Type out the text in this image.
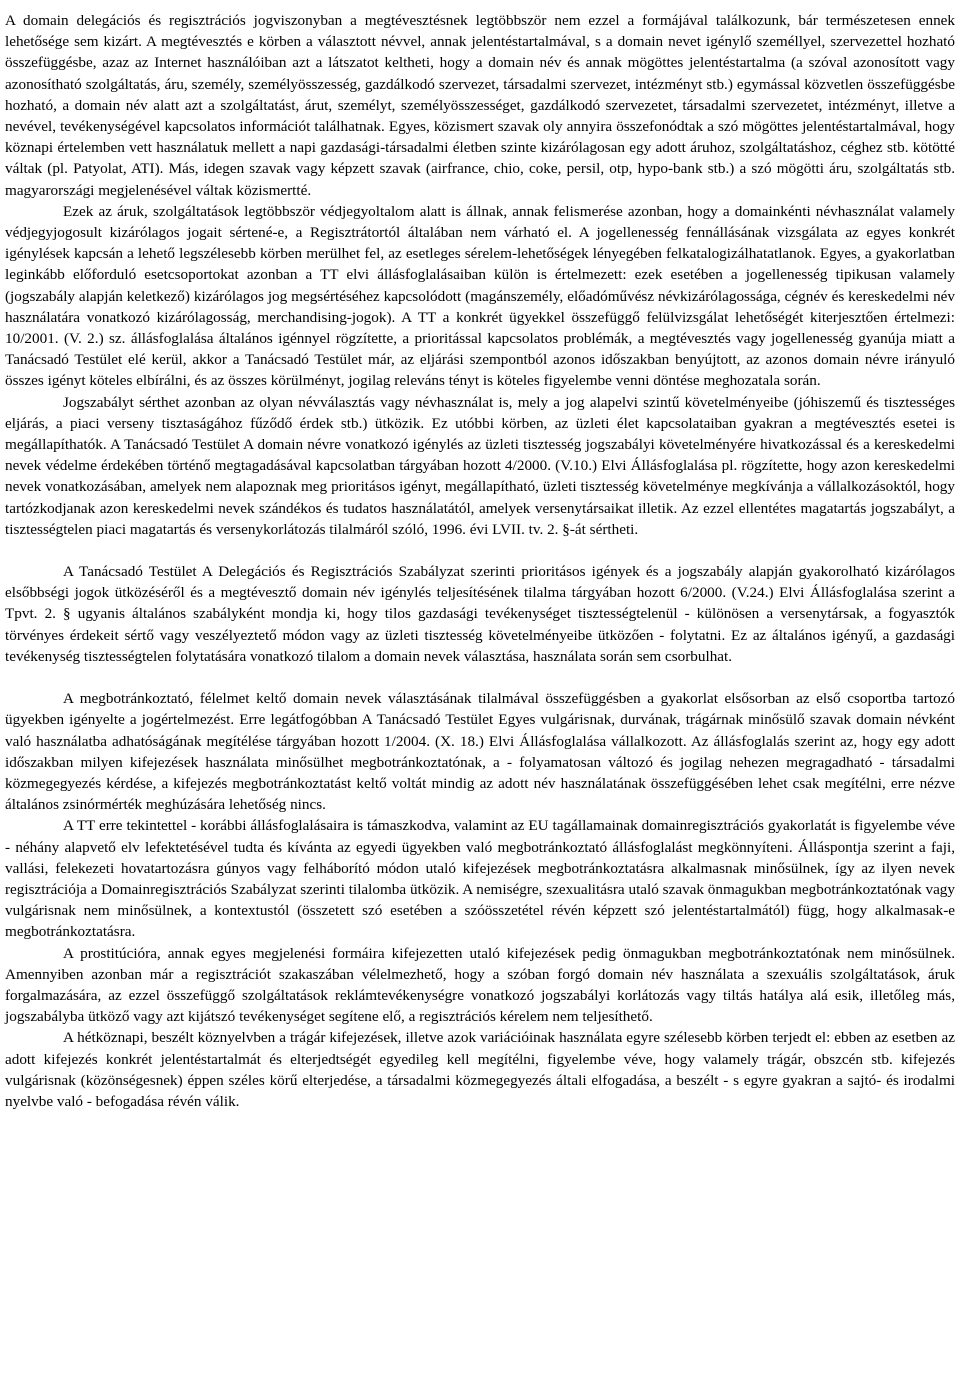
A domain delegációs és regisztrációs jogviszonyban a megtévesztésnek legtöbbször nem ezzel a formájával találkozunk, bár természetesen ennek lehetősége sem kizárt. A megtévesztés e körben a választott névvel, annak jelentéstartalmával, s a domain nevet igénylő személlyel, szervezettel hozható összefüggésbe, azaz az Internet használóiban azt a látszatot keltheti, hogy a domain név és annak mögöttes jelentéstartalma (a szóval azonosított vagy azonosítható szolgáltatás, áru, személy, személyösszesség, gazdálkodó szervezet, társadalmi szervezet, intézményt stb.) egymással közvetlen összefüggésbe hozható, a domain név alatt azt a szolgáltatást, árut, személyt, személyösszességet, gazdálkodó szervezetet, társadalmi szervezetet, intézményt, illetve a nevével, tevékenységével kapcsolatos információt találhatnak. Egyes, közismert szavak oly annyira összefonódtak a szó mögöttes jelentéstartalmával, hogy köznapi értelemben vett használatuk mellett a napi gazdasági-társadalmi életben szinte kizárólagosan egy adott áruhoz, szolgáltatáshoz, céghez stb. kötötté váltak (pl. Patyolat, ATI). Más, idegen szavak vagy képzett szavak (airfrance, chio, coke, persil, otp, hypo-bank stb.) a szó mögötti áru, szolgáltatás stb. magyarországi megjelenésével váltak közismertté.

Ezek az áruk, szolgáltatások legtöbbször védjegyoltalom alatt is állnak, annak felismerése azonban, hogy a domainkénti névhasználat valamely védjegyjogosult kizárólagos jogait sértené-e, a Regisztrátortól általában nem várható el. A jogellenesség fennállásának vizsgálata az egyes konkrét igénylések kapcsán a lehető legszélesebb körben merülhet fel, az esetleges sérelem-lehetőségek lényegében felkatalogizálhatatlanok. Egyes, a gyakorlatban leginkább előforduló esetcsoportokat azonban a TT elvi állásfoglalásaiban külön is értelmezett: ezek esetében a jogellenesség tipikusan valamely (jogszabály alapján keletkező) kizárólagos jog megsértéséhez kapcsolódott (magánszemély, előadóművész névkizárólagossága, cégnév és kereskedelmi név használatára vonatkozó kizárólagosság, merchandising-jogok). A TT a konkrét ügyekkel összefüggő felülvizsgálat lehetőségét kiterjesztően értelmezi: 10/2001. (V. 2.) sz. állásfoglalása általános igénnyel rögzítette, a prioritással kapcsolatos problémák, a megtévesztés vagy jogellenesség gyanúja miatt a Tanácsadó Testület elé kerül, akkor a Tanácsadó Testület már, az eljárási szempontból azonos időszakban benyújtott, az azonos domain névre irányuló összes igényt köteles elbírálni, és az összes körülményt, jogilag releváns tényt is köteles figyelembe venni döntése meghozatala során.

Jogszabályt sérthet azonban az olyan névválasztás vagy névhasználat is, mely a jog alapelvi szintű követelményeibe (jóhiszemű és tisztességes eljárás, a piaci verseny tisztaságához fűződő érdek stb.) ütközik. Ez utóbbi körben, az üzleti élet kapcsolataiban gyakran a megtévesztés esetei is megállapíthatók. A Tanácsadó Testület A domain névre vonatkozó igénylés az üzleti tisztesség jogszabályi követelményére hivatkozással és a kereskedelmi nevek védelme érdekében történő megtagadásával kapcsolatban tárgyában hozott 4/2000. (V.10.) Elvi Állásfoglalása pl. rögzítette, hogy azon kereskedelmi nevek vonatkozásában, amelyek nem alapoznak meg prioritásos igényt, megállapítható, üzleti tisztesség követelménye megkívánja a vállalkozásoktól, hogy tartózkodjanak azon kereskedelmi nevek szándékos és tudatos használatától, amelyek versenytársaikat illetik. Az ezzel ellentétes magatartás jogszabályt, a tisztességtelen piaci magatartás és versenykorlátozás tilalmáról szóló, 1996. évi LVII. tv. 2. §-át sértheti.

A Tanácsadó Testület A Delegációs és Regisztrációs Szabályzat szerinti prioritásos igények és a jogszabály alapján gyakorolható kizárólagos elsőbbségi jogok ütközéséről és a megtévesztő domain név igénylés teljesítésének tilalma tárgyában hozott 6/2000. (V.24.) Elvi Állásfoglalása szerint a Tpvt. 2. § ugyanis általános szabályként mondja ki, hogy tilos gazdasági tevékenységet tisztességtelenül - különösen a versenytársak, a fogyasztók törvényes érdekeit sértő vagy veszélyeztető módon vagy az üzleti tisztesség követelményeibe ütközően - folytatni. Ez az általános igényű, a gazdasági tevékenység tisztességtelen folytatására vonatkozó tilalom a domain nevek választása, használata során sem csorbulhat.

A megbotránkoztató, félelmet keltő domain nevek választásának tilalmával összefüggésben a gyakorlat elsősorban az első csoportba tartozó ügyekben igényelte a jogértelmezést. Erre legátfogóbban A Tanácsadó Testület Egyes vulgárisnak, durvának, trágárnak minősülő szavak domain névként való használatba adhatóságának megítélése tárgyában hozott 1/2004. (X. 18.) Elvi Állásfoglalása vállalkozott. Az állásfoglalás szerint az, hogy egy adott időszakban milyen kifejezések használata minősülhet megbotránkoztatónak, a - folyamatosan változó és jogilag nehezen megragadható - társadalmi közmegegyezés kérdése, a kifejezés megbotránkoztatást keltő voltát mindig az adott név használatának összefüggésében lehet csak megítélni, erre nézve általános zsinórmérték meghúzására lehetőség nincs.

A TT erre tekintettel - korábbi állásfoglalásaira is támaszkodva, valamint az EU tagállamainak domainregisztrációs gyakorlatát is figyelembe véve - néhány alapvető elv lefektetésével tudta és kívánta az egyedi ügyekben való megbotránkoztató állásfoglalást megkönnyíteni. Álláspontja szerint a faji, vallási, felekezeti hovatartozásra gúnyos vagy felháborító módon utaló kifejezések megbotránkoztatásra alkalmasnak minősülnek, így az ilyen nevek regisztrációja a Domainregisztrációs Szabályzat szerinti tilalomba ütközik. A nemiségre, szexualitásra utaló szavak önmagukban megbotránkoztatónak vagy vulgárisnak nem minősülnek, a kontextustól (összetett szó esetében a szóösszetétel révén képzett szó jelentéstartalmától) függ, hogy alkalmasak-e megbotránkoztatásra.

A prostitúcióra, annak egyes megjelenési formáira kifejezetten utaló kifejezések pedig önmagukban megbotránkoztatónak nem minősülnek. Amennyiben azonban már a regisztrációt szakaszában vélelmezhető, hogy a szóban forgó domain név használata a szexuális szolgáltatások, áruk forgalmazására, az ezzel összefüggő szolgáltatások reklámtevékenységre vonatkozó jogszabályi korlátozás vagy tiltás hatálya alá esik, illetőleg más, jogszabályba ütköző vagy azt kijátszó tevékenységet segítene elő, a regisztrációs kérelem nem teljesíthető.

A hétköznapi, beszélt köznyelvben a trágár kifejezések, illetve azok variációinak használata egyre szélesebb körben terjedt el: ebben az esetben az adott kifejezés konkrét jelentéstartalmát és elterjedtségét egyedileg kell megítélni, figyelembe véve, hogy valamely trágár, obszcén stb. kifejezés vulgárisnak (közönségesnek) éppen széles körű elterjedése, a társadalmi közmegegyezés általi elfogadása, a beszélt - s egyre gyakran a sajtó- és irodalmi nyelvbe való - befogadása révén válik.
